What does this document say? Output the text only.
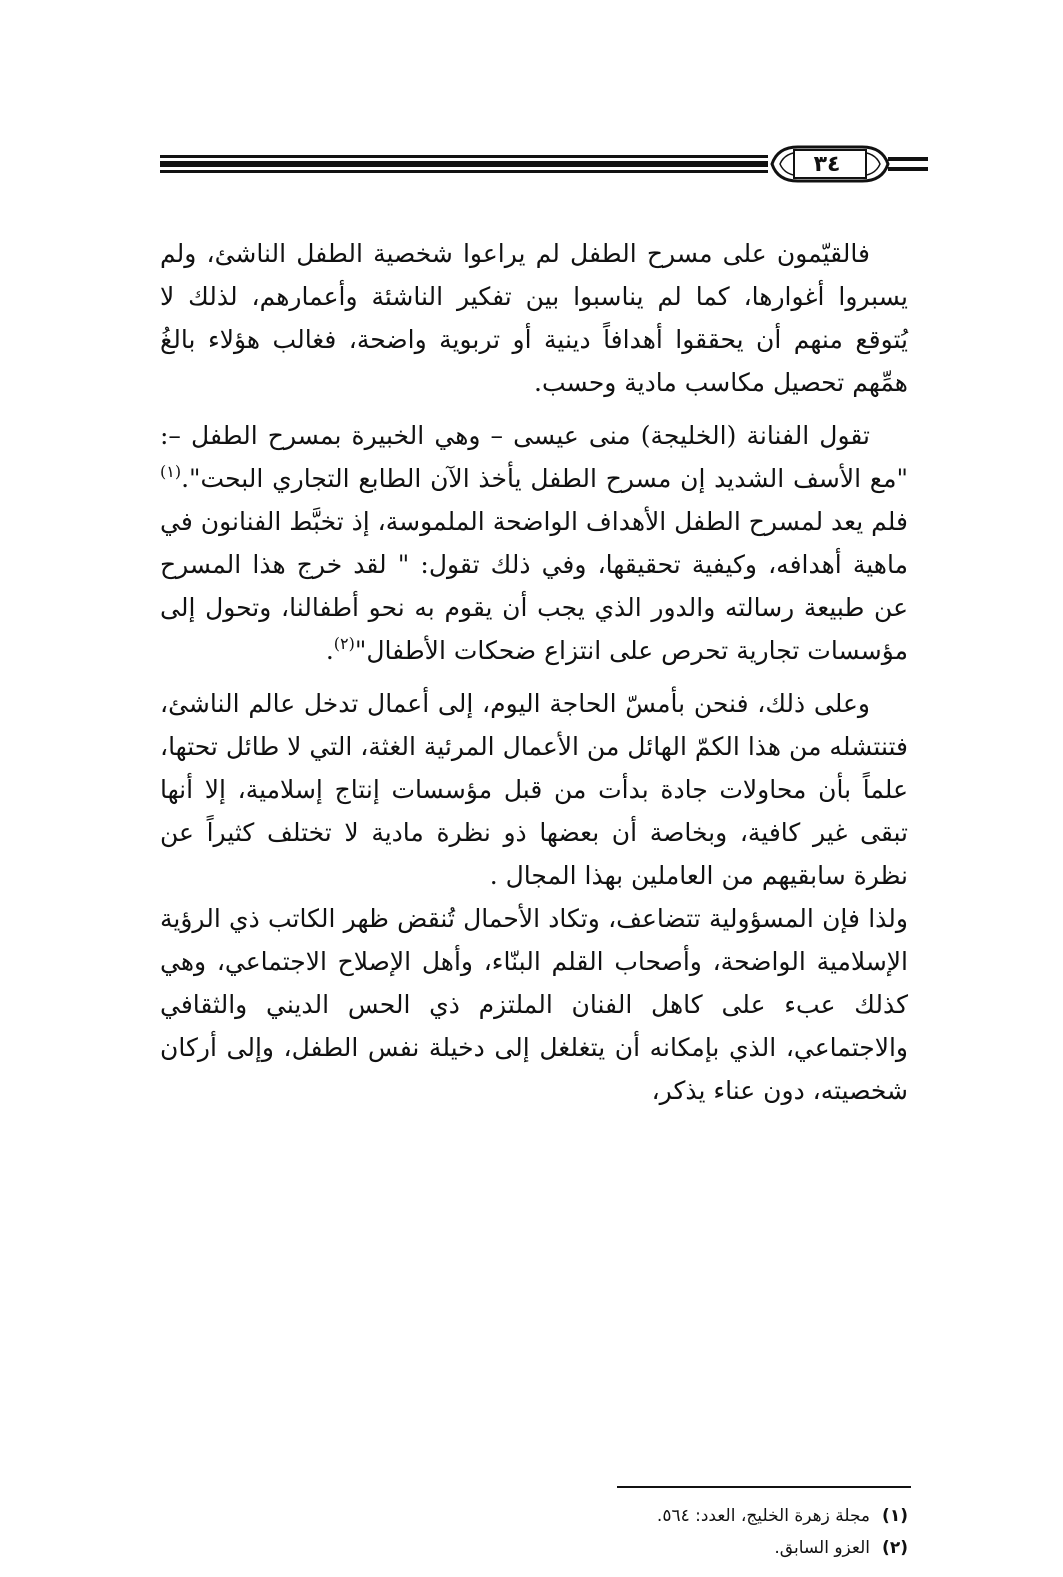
٣٤

فالقيّمون على مسرح الطفل لم يراعوا شخصية الطفل الناشئ، ولم يسبروا أغوارها، كما لم يناسبوا بين تفكير الناشئة وأعمارهم، لذلك لا يُتوقع منهم أن يحققوا أهدافاً دينية أو تربوية واضحة، فغالب هؤلاء بالغُ همِّهم تحصيل مكاسب مادية وحسب.

تقول الفنانة (الخليجة) منى عيسى – وهي الخبيرة بمسرح الطفل –: "مع الأسف الشديد إن مسرح الطفل يأخذ الآن الطابع التجاري البحت".$^{(١)}$ فلم يعد لمسرح الطفل الأهداف الواضحة الملموسة، إذ تخبَّط الفنانون في ماهية أهدافه، وكيفية تحقيقها، وفي ذلك تقول: " لقد خرج هذا المسرح عن طبيعة رسالته والدور الذي يجب أن يقوم به نحو أطفالنا، وتحول إلى مؤسسات تجارية تحرص على انتزاع ضحكات الأطفال"$^{(٢)}$.

وعلى ذلك، فنحن بأمسّ الحاجة اليوم، إلى أعمال تدخل عالم الناشئ، فتنتشله من هذا الكمّ الهائل من الأعمال المرئية الغثة، التي لا طائل تحتها، علماً بأن محاولات جادة بدأت من قبل مؤسسات إنتاج إسلامية، إلا أنها تبقى غير كافية، وبخاصة أن بعضها ذو نظرة مادية لا تختلف كثيراً عن نظرة سابقيهم من العاملين بهذا المجال .

ولذا فإن المسؤولية تتضاعف، وتكاد الأحمال تُنقض ظهر الكاتب ذي الرؤية الإسلامية الواضحة، وأصحاب القلم البنّاء، وأهل الإصلاح الاجتماعي، وهي كذلك عبء على كاهل الفنان الملتزم ذي الحس الديني والثقافي والاجتماعي، الذي بإمكانه أن يتغلغل إلى دخيلة نفس الطفل، وإلى أركان شخصيته، دون عناء يذكر،

(١)مجلة زهرة الخليج، العدد: ٥٦٤.
(٢)العزو السابق.
